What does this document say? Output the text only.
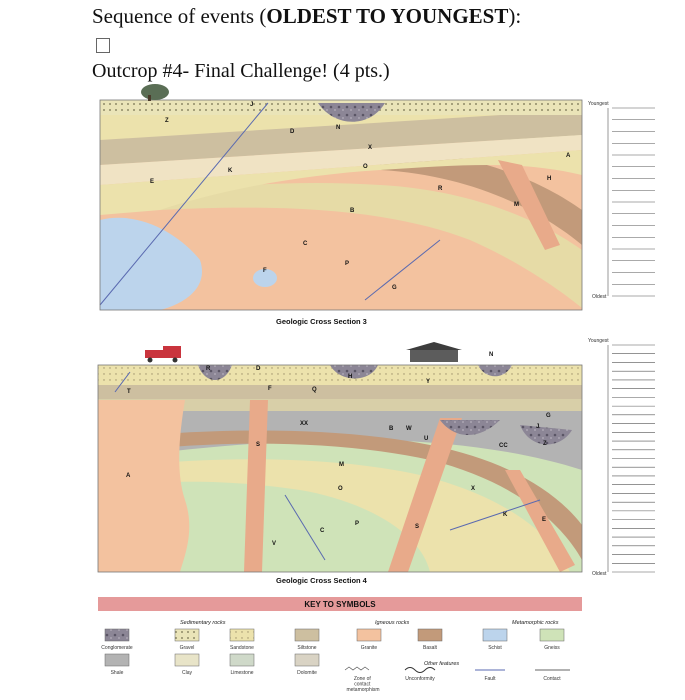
Sequence of events (OLDEST TO YOUNGEST):
Outcrop #4- Final Challenge! (4 pts.)
J
Z
N
D
X
O
K
E
A
H
R
M
B
C
F
P
G
Geologic Cross Section 3
Youngest
Oldest
T
R	D
F	Q
H
Y
N
XX
B W
U
J
G
CC	Z
S
M
A
O	X
K
E
P
C
V
S
Geologic Cross Section 4
Youngest
Oldest
KEY TO SYMBOLS
Sedimentary rocks	Igneous rocks	Metamorphic rocks
Other features
Conglomerate	Gravel	Sandstone	Siltstone	Granite	Basalt	Schist	Gneiss
Shale	Clay	Limestone	Dolomite
Zone of contact metamorphism
Unconformity	Fault	Contact
